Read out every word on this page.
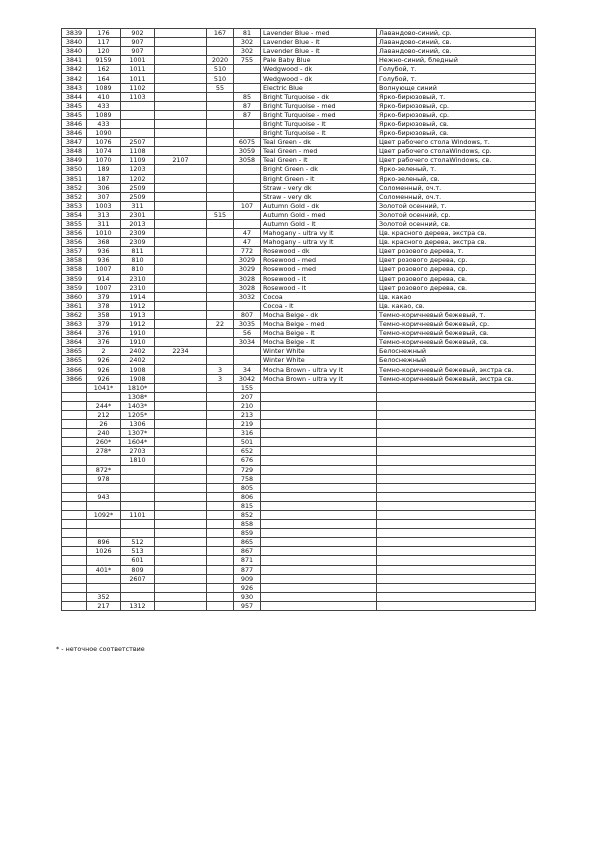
3839	176	902		167	81	Lavender Blue - med	Лавандово-синий, ср.
3840	117	907			302	Lavender Blue - lt	Лавандово-синий, св.
3840	120	907			302	Lavender Blue - lt	Лавандово-синий, св.
3841	9159	1001		2020	755	Pale Baby Blue	Нежно-синий, бледный
3842	162	1011		510		Wedgwood - dk	Голубой, т.
3842	164	1011		510		Wedgwood - dk	Голубой, т.
3843	1089	1102		55		Electric Blue	Волнующе синий
3844	410	1103			85	Bright Turquoise - dk	Ярко-бирюзовый, т.
3845	433				87	Bright Turquoise - med	Ярко-бирюзовый, ср.
3845	1089				87	Bright Turquoise - med	Ярко-бирюзовый, ср.
3846	433					Bright Turquoise - lt	Ярко-бирюзовый, св.
3846	1090					Bright Turquoise - lt	Ярко-бирюзовый, св.
3847	1076	2507			6075	Teal Green - dk	Цвет рабочего стола Windows, т.
3848	1074	1108			3059	Teal Green - med	Цвет рабочего столаWindows, ср.
3849	1070	1109	2107		3058	Teal Green - lt	Цвет рабочего столаWindows, св.
3850	189	1203				Bright Green - dk	Ярко-зеленый, т.
3851	187	1202				Bright Green - lt	Ярко-зеленый, св.
3852	306	2509				Straw - very dk	Соломенный, оч.т.
3852	307	2509				Straw - very dk	Соломенный, оч.т.
3853	1003	311			107	Autumn Gold - dk	Золотой осенний, т.
3854	313	2301		515		Autumn Gold - med	Золотой осенний, ср.
3855	311	2013				Autumn Gold - lt	Золотой осенний, св.
3856	1010	2309			47	Mahogany - ultra vy lt	Цв. красного дерева, экстра св.
3856	368	2309			47	Mahogany - ultra vy lt	Цв. красного дерева, экстра св.
3857	936	811			772	Rosewood - dk	Цвет розового дерева, т.
3858	936	810			3029	Rosewood - med	Цвет розового дерева, ср.
3858	1007	810			3029	Rosewood - med	Цвет розового дерева, ср.
3859	914	2310			3028	Rosewood - lt	Цвет розового дерева, св.
3859	1007	2310			3028	Rosewood - lt	Цвет розового дерева, св.
3860	379	1914			3032	Cocoa	Цв. какао
3861	378	1912				Cocoa - lt	Цв. какао, св.
3862	358	1913			807	Mocha Beige - dk	Темно-коричневый бежевый, т.
3863	379	1912		22	3035	Mocha Beige - med	Темно-коричневый бежевый, ср.
3864	376	1910			56	Mocha Beige - lt	Темно-коричневый бежевый, св.
3864	376	1910			3034	Mocha Beige - lt	Темно-коричневый бежевый, св.
3865	2	2402	2234			Winter White	Белоснежный
3865	926	2402				Winter White	Белоснежный
3866	926	1908		3	34	Mocha Brown - ultra vy lt	Темно-коричневый бежевый, экстра св.
3866	926	1908		3	3042	Mocha Brown - ultra vy lt	Темно-коричневый бежевый, экстра св.
	1041*	1810*			155		
		1308*			207		
	244*	1403*			210		
	212	1205*			213		
	26	1306			219		
	240	1307*			316		
	260*	1604*			501		
	278*	2703			652		
		1810			676		
	872*				729		
	978				758		
					805		
	943				806		
					815		
	1092*	1101			852		
					858		
					859		
	896	512			865		
	1026	513			867		
		601			871		
	401*	809			877		
		2607			909		
					926		
	352				930		
	217	1312			957		
* - неточное соответствие
